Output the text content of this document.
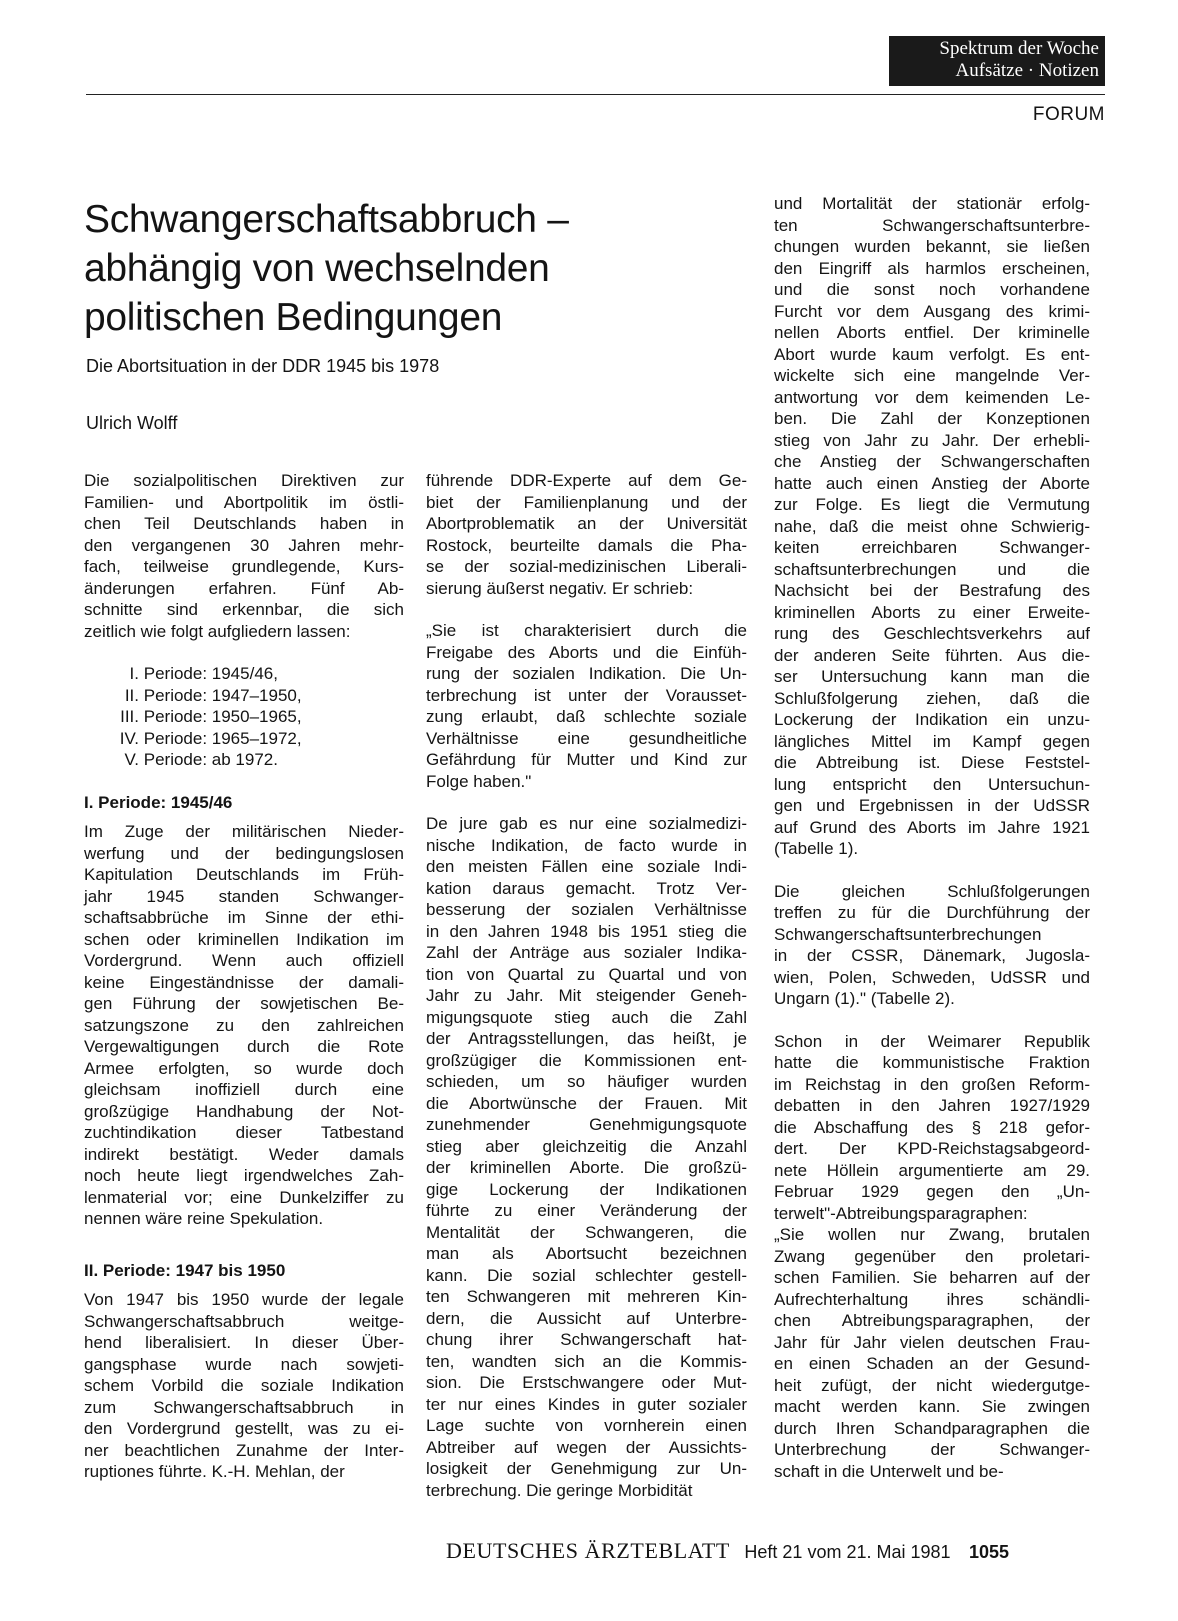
Spektrum der Woche
Aufsätze · Notizen
FORUM
Schwangerschaftsabbruch –
abhängig von wechselnden
politischen Bedingungen
Die Abortsituation in der DDR 1945 bis 1978
Ulrich Wolff

Die sozialpolitischen Direktiven zur

Familien- und Abortpolitik im östli-

chen Teil Deutschlands haben in

den vergangenen 30 Jahren mehr-

fach, teilweise grundlegende, Kurs-

änderungen erfahren. Fünf Ab-

schnitte sind erkennbar, die sich

zeitlich wie folgt aufgliedern lassen:

I. Periode: 1945/46,
II. Periode: 1947–1950,
III. Periode: 1950–1965,
IV. Periode: 1965–1972,
V. Periode: ab 1972.
I. Periode: 1945/46

Im Zuge der militärischen Nieder-

werfung und der bedingungslosen

Kapitulation Deutschlands im Früh-

jahr 1945 standen Schwanger-

schaftsabbrüche im Sinne der ethi-

schen oder kriminellen Indikation im

Vordergrund. Wenn auch offiziell

keine Eingeständnisse der damali-

gen Führung der sowjetischen Be-

satzungszone zu den zahlreichen

Vergewaltigungen durch die Rote

Armee erfolgten, so wurde doch

gleichsam inoffiziell durch eine

großzügige Handhabung der Not-

zuchtindikation dieser Tatbestand

indirekt bestätigt. Weder damals

noch heute liegt irgendwelches Zah-

lenmaterial vor; eine Dunkelziffer zu

nennen wäre reine Spekulation.

II. Periode: 1947 bis 1950

Von 1947 bis 1950 wurde der legale

Schwangerschaftsabbruch weitge-

hend liberalisiert. In dieser Über-

gangsphase wurde nach sowjeti-

schem Vorbild die soziale Indikation

zum Schwangerschaftsabbruch in

den Vordergrund gestellt, was zu ei-

ner beachtlichen Zunahme der Inter-

ruptiones führte. K.-H. Mehlan, der

führende DDR-Experte auf dem Ge-

biet der Familienplanung und der

Abortproblematik an der Universität

Rostock, beurteilte damals die Pha-

se der sozial-medizinischen Liberali-

sierung äußerst negativ. Er schrieb:

„Sie ist charakterisiert durch die

Freigabe des Aborts und die Einfüh-

rung der sozialen Indikation. Die Un-

terbrechung ist unter der Vorausset-

zung erlaubt, daß schlechte soziale

Verhältnisse eine gesundheitliche

Gefährdung für Mutter und Kind zur

Folge haben."

De jure gab es nur eine sozialmedizi-

nische Indikation, de facto wurde in

den meisten Fällen eine soziale Indi-

kation daraus gemacht. Trotz Ver-

besserung der sozialen Verhältnisse

in den Jahren 1948 bis 1951 stieg die

Zahl der Anträge aus sozialer Indika-

tion von Quartal zu Quartal und von

Jahr zu Jahr. Mit steigender Geneh-

migungsquote stieg auch die Zahl

der Antragsstellungen, das heißt, je

großzügiger die Kommissionen ent-

schieden, um so häufiger wurden

die Abortwünsche der Frauen. Mit

zunehmender Genehmigungsquote

stieg aber gleichzeitig die Anzahl

der kriminellen Aborte. Die großzü-

gige Lockerung der Indikationen

führte zu einer Veränderung der

Mentalität der Schwangeren, die

man als Abortsucht bezeichnen

kann. Die sozial schlechter gestell-

ten Schwangeren mit mehreren Kin-

dern, die Aussicht auf Unterbre-

chung ihrer Schwangerschaft hat-

ten, wandten sich an die Kommis-

sion. Die Erstschwangere oder Mut-

ter nur eines Kindes in guter sozialer

Lage suchte von vornherein einen

Abtreiber auf wegen der Aussichts-

losigkeit der Genehmigung zur Un-

terbrechung. Die geringe Morbidität

und Mortalität der stationär erfolg-

ten Schwangerschaftsunterbre-

chungen wurden bekannt, sie ließen

den Eingriff als harmlos erscheinen,

und die sonst noch vorhandene

Furcht vor dem Ausgang des krimi-

nellen Aborts entfiel. Der kriminelle

Abort wurde kaum verfolgt. Es ent-

wickelte sich eine mangelnde Ver-

antwortung vor dem keimenden Le-

ben. Die Zahl der Konzeptionen

stieg von Jahr zu Jahr. Der erhebli-

che Anstieg der Schwangerschaften

hatte auch einen Anstieg der Aborte

zur Folge. Es liegt die Vermutung

nahe, daß die meist ohne Schwierig-

keiten erreichbaren Schwanger-

schaftsunterbrechungen und die

Nachsicht bei der Bestrafung des

kriminellen Aborts zu einer Erweite-

rung des Geschlechtsverkehrs auf

der anderen Seite führten. Aus die-

ser Untersuchung kann man die

Schlußfolgerung ziehen, daß die

Lockerung der Indikation ein unzu-

längliches Mittel im Kampf gegen

die Abtreibung ist. Diese Feststel-

lung entspricht den Untersuchun-

gen und Ergebnissen in der UdSSR

auf Grund des Aborts im Jahre 1921

(Tabelle 1).

Die gleichen Schlußfolgerungen

treffen zu für die Durchführung der

Schwangerschaftsunterbrechungen

in der CSSR, Dänemark, Jugosla-

wien, Polen, Schweden, UdSSR und

Ungarn (1)." (Tabelle 2).

Schon in der Weimarer Republik

hatte die kommunistische Fraktion

im Reichstag in den großen Reform-

debatten in den Jahren 1927/1929

die Abschaffung des § 218 gefor-

dert. Der KPD-Reichstagsabgeord-

nete Höllein argumentierte am 29.

Februar 1929 gegen den „Un-

terwelt"-Abtreibungsparagraphen:

„Sie wollen nur Zwang, brutalen

Zwang gegenüber den proletari-

schen Familien. Sie beharren auf der

Aufrechterhaltung ihres schändli-

chen Abtreibungsparagraphen, der

Jahr für Jahr vielen deutschen Frau-

en einen Schaden an der Gesund-

heit zufügt, der nicht wiedergutge-

macht werden kann. Sie zwingen

durch Ihren Schandparagraphen die

Unterbrechung der Schwanger-

schaft in die Unterwelt und be-

DEUTSCHES ÄRZTEBLATT Heft 21 vom 21. Mai 1981 1055
